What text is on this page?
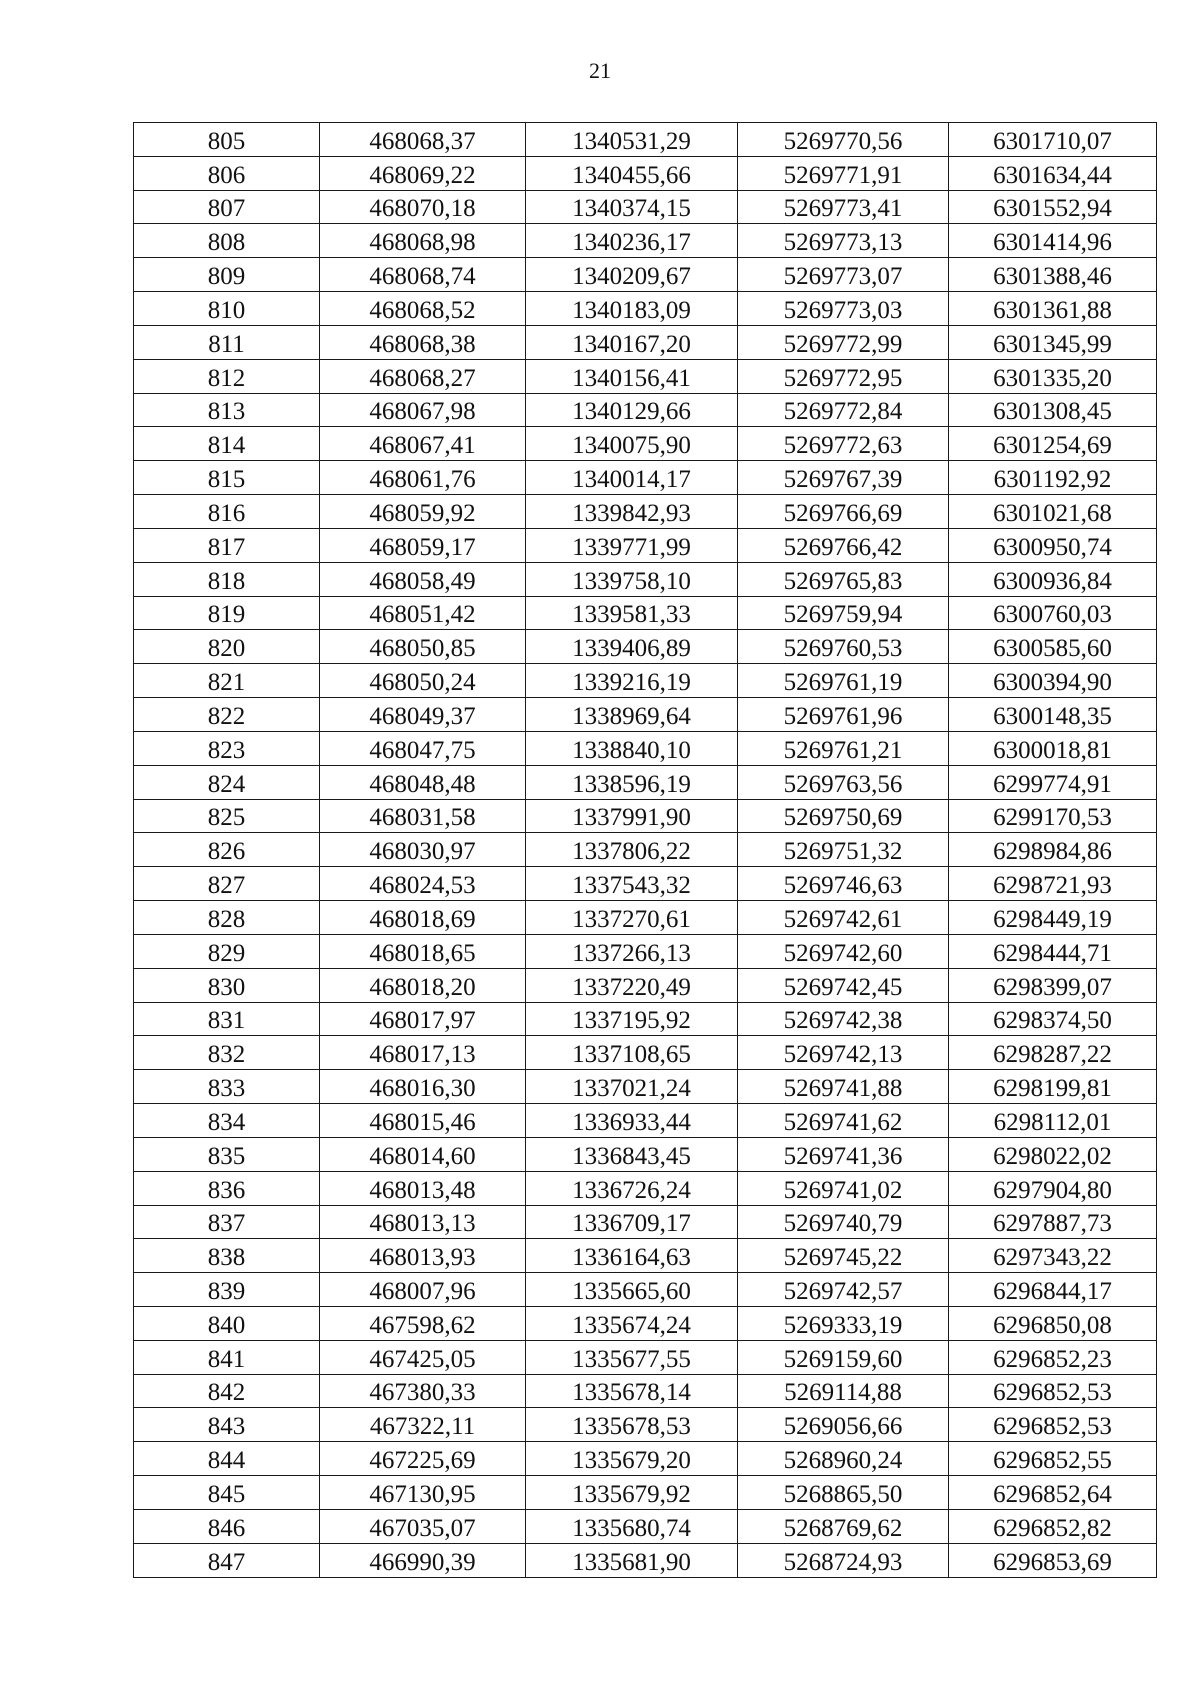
21
805	468068,37	1340531,29	5269770,56	6301710,07
806	468069,22	1340455,66	5269771,91	6301634,44
807	468070,18	1340374,15	5269773,41	6301552,94
808	468068,98	1340236,17	5269773,13	6301414,96
809	468068,74	1340209,67	5269773,07	6301388,46
810	468068,52	1340183,09	5269773,03	6301361,88
811	468068,38	1340167,20	5269772,99	6301345,99
812	468068,27	1340156,41	5269772,95	6301335,20
813	468067,98	1340129,66	5269772,84	6301308,45
814	468067,41	1340075,90	5269772,63	6301254,69
815	468061,76	1340014,17	5269767,39	6301192,92
816	468059,92	1339842,93	5269766,69	6301021,68
817	468059,17	1339771,99	5269766,42	6300950,74
818	468058,49	1339758,10	5269765,83	6300936,84
819	468051,42	1339581,33	5269759,94	6300760,03
820	468050,85	1339406,89	5269760,53	6300585,60
821	468050,24	1339216,19	5269761,19	6300394,90
822	468049,37	1338969,64	5269761,96	6300148,35
823	468047,75	1338840,10	5269761,21	6300018,81
824	468048,48	1338596,19	5269763,56	6299774,91
825	468031,58	1337991,90	5269750,69	6299170,53
826	468030,97	1337806,22	5269751,32	6298984,86
827	468024,53	1337543,32	5269746,63	6298721,93
828	468018,69	1337270,61	5269742,61	6298449,19
829	468018,65	1337266,13	5269742,60	6298444,71
830	468018,20	1337220,49	5269742,45	6298399,07
831	468017,97	1337195,92	5269742,38	6298374,50
832	468017,13	1337108,65	5269742,13	6298287,22
833	468016,30	1337021,24	5269741,88	6298199,81
834	468015,46	1336933,44	5269741,62	6298112,01
835	468014,60	1336843,45	5269741,36	6298022,02
836	468013,48	1336726,24	5269741,02	6297904,80
837	468013,13	1336709,17	5269740,79	6297887,73
838	468013,93	1336164,63	5269745,22	6297343,22
839	468007,96	1335665,60	5269742,57	6296844,17
840	467598,62	1335674,24	5269333,19	6296850,08
841	467425,05	1335677,55	5269159,60	6296852,23
842	467380,33	1335678,14	5269114,88	6296852,53
843	467322,11	1335678,53	5269056,66	6296852,53
844	467225,69	1335679,20	5268960,24	6296852,55
845	467130,95	1335679,92	5268865,50	6296852,64
846	467035,07	1335680,74	5268769,62	6296852,82
847	466990,39	1335681,90	5268724,93	6296853,69
